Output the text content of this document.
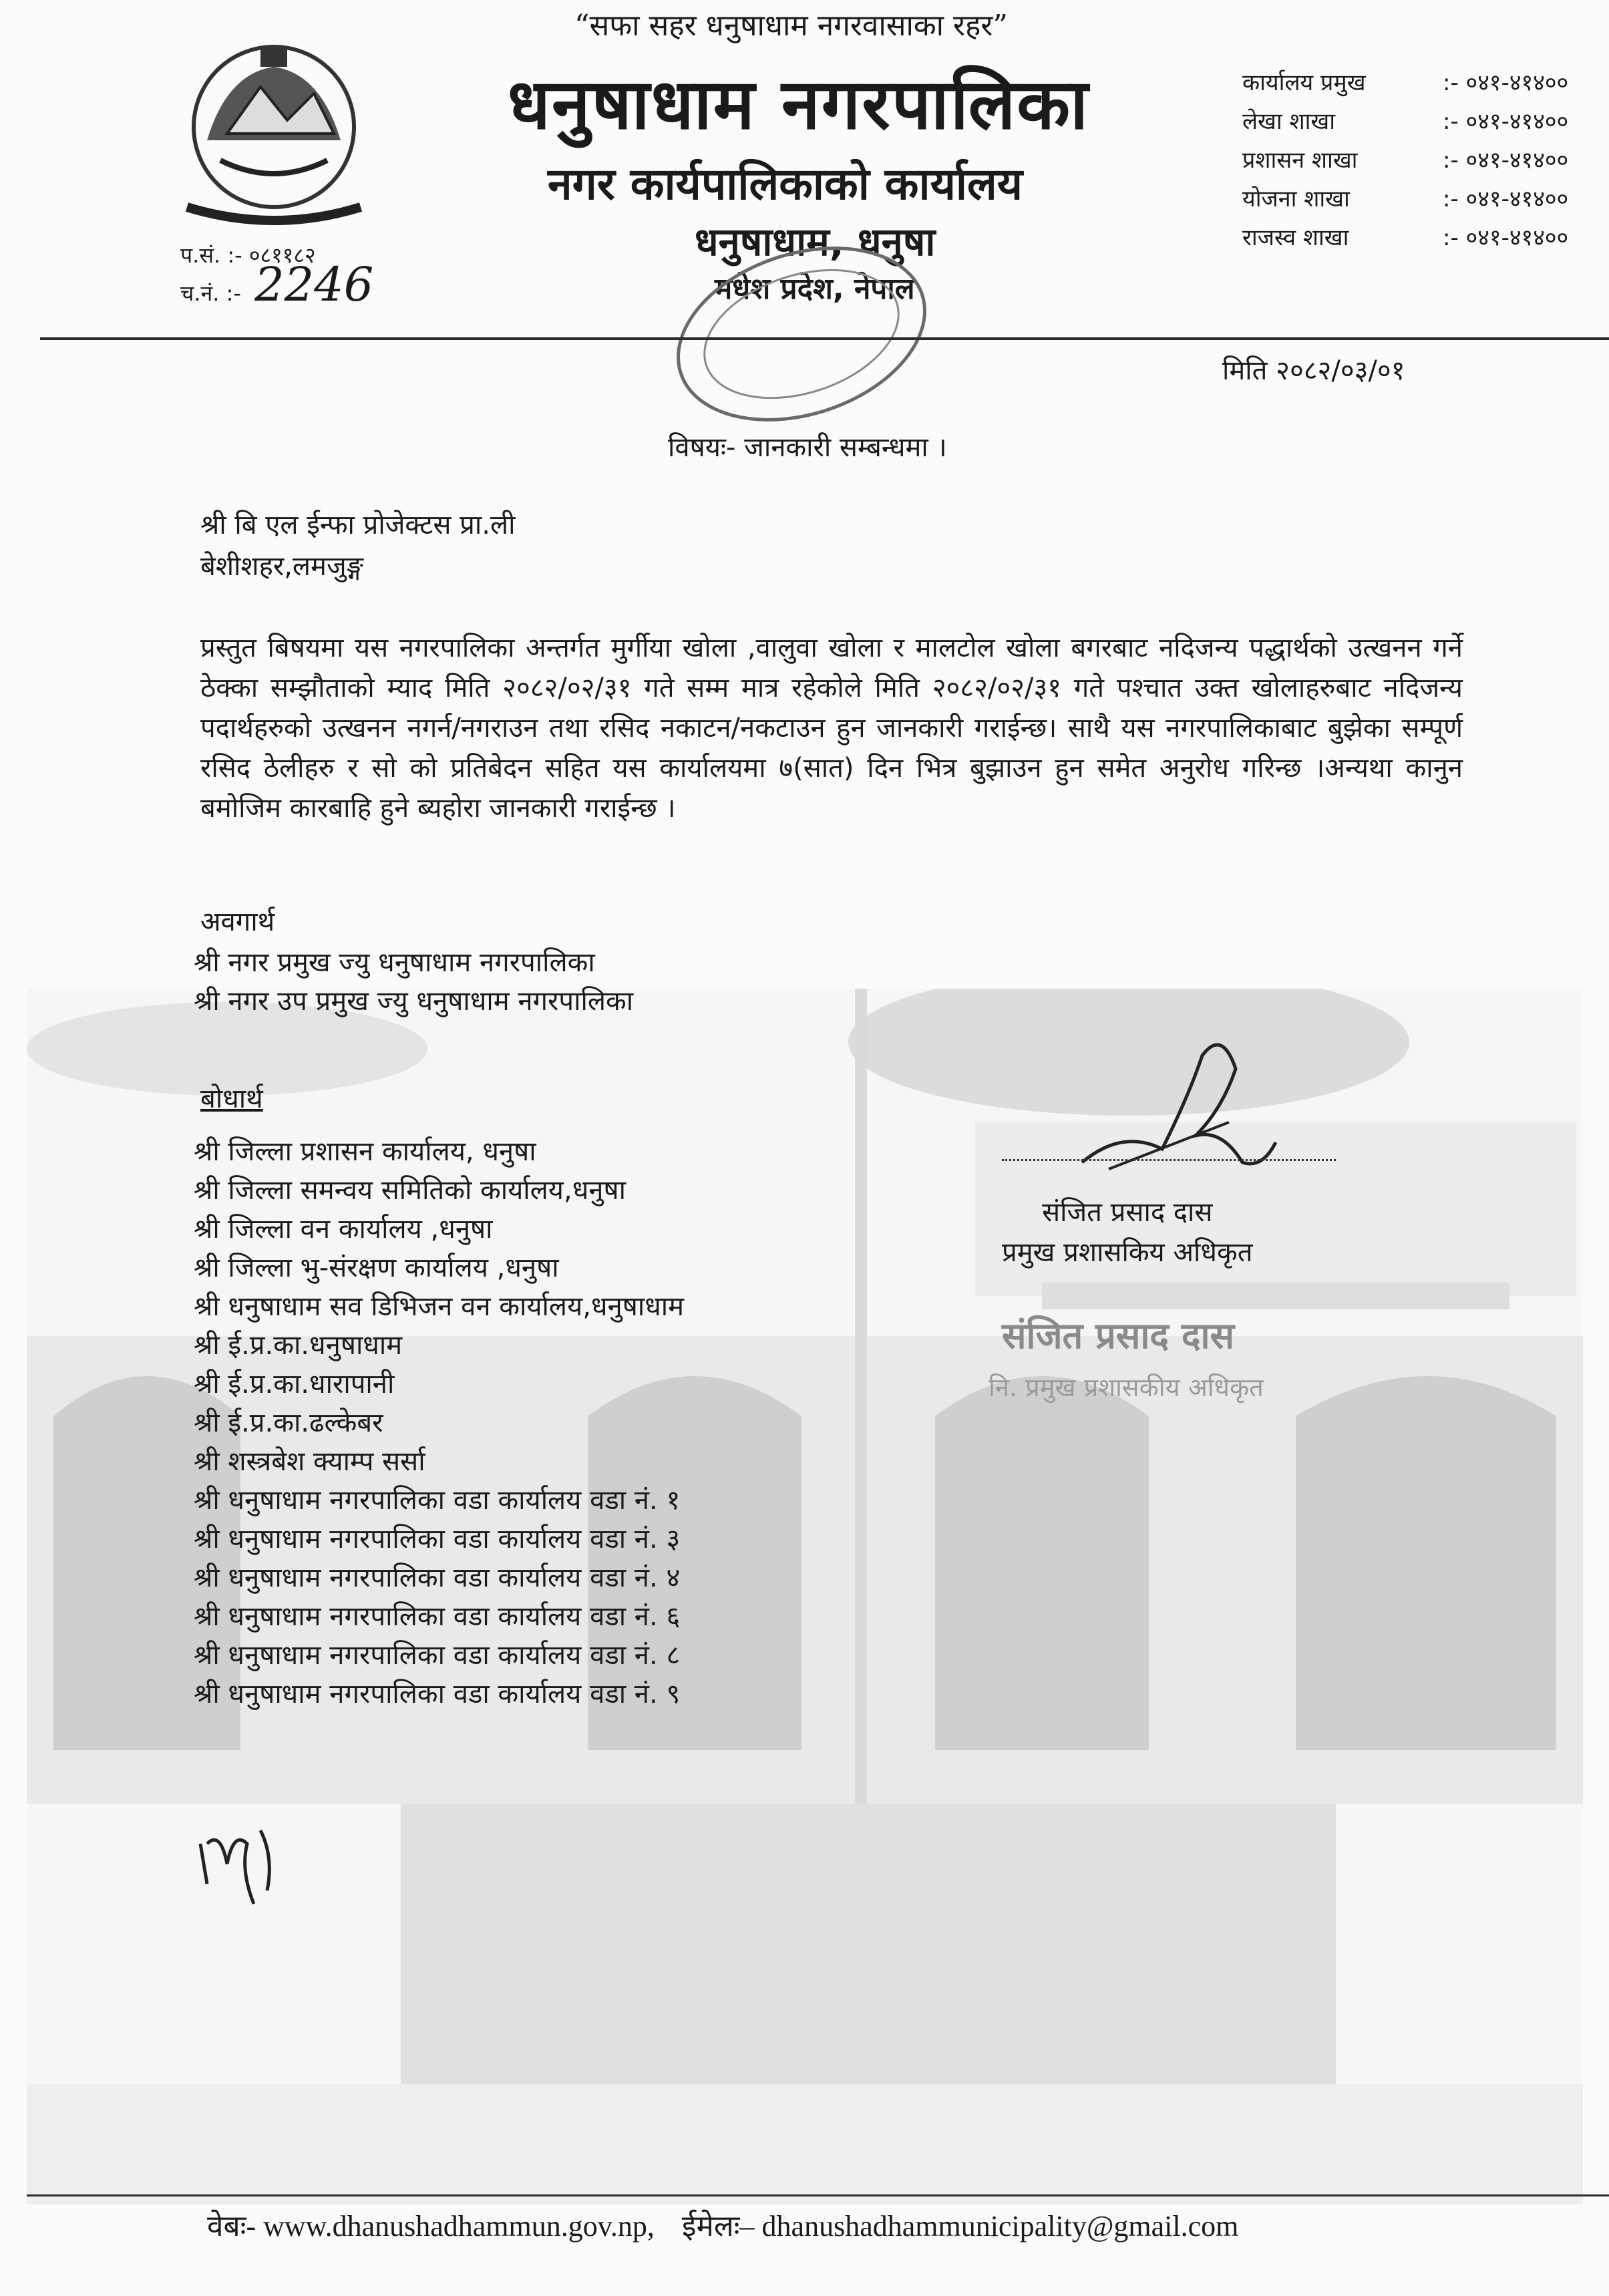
“सफा सहर धनुषाधाम नगरवासाका रहर”
धनुषाधाम नगरपालिका
नगर कार्यपालिकाको कार्यालय
धनुषाधाम, धनुषा
मधेश प्रदेश, नेपाल
कार्यालय प्रमुख	:- ०४१-४१४००
लेखा शाखा	:- ०४१-४१४००
प्रशासन शाखा	:- ०४१-४१४००
योजना शाखा	:- ०४१-४१४००
राजस्व शाखा	:- ०४१-४१४००
प.सं. :- ०८११८२
च.नं. :- 2246
मिति २०८२/०३/०१
विषयः- जानकारी सम्बन्धमा ।
श्री बि एल ईन्फा प्रोजेक्टस प्रा.ली
बेशीशहर,लमजुङ्ग
प्रस्तुत बिषयमा यस नगरपालिका अन्तर्गत मुर्गीया खोला ,वालुवा खोला र मालटोल खोला बगरबाट नदिजन्य पद्धार्थको उत्खनन गर्ने ठेक्का सम्झौताको म्याद मिति २०८२/०२/३१ गते सम्म मात्र रहेकोले मिति २०८२/०२/३१ गते पश्चात उक्त खोलाहरुबाट नदिजन्य पदार्थहरुको उत्खनन नगर्न/नगराउन तथा रसिद नकाटन/नकटाउन हुन जानकारी गराईन्छ। साथै यस नगरपालिकाबाट बुझेका सम्पूर्ण रसिद ठेलीहरु र सो को प्रतिबेदन सहित यस कार्यालयमा ७(सात) दिन भित्र बुझाउन हुन समेत अनुरोध गरिन्छ ।अन्यथा कानुन बमोजिम कारबाहि हुने ब्यहोरा जानकारी गराईन्छ ।
अवगार्थ
श्री नगर प्रमुख ज्यु धनुषाधाम नगरपालिका
श्री नगर उप प्रमुख ज्यु धनुषाधाम नगरपालिका
बोधार्थ
श्री जिल्ला प्रशासन कार्यालय, धनुषा
श्री जिल्ला समन्वय समितिको कार्यालय,धनुषा
श्री जिल्ला वन कार्यालय ,धनुषा
श्री जिल्ला भु-संरक्षण कार्यालय ,धनुषा
श्री धनुषाधाम सव डिभिजन वन कार्यालय,धनुषाधाम
श्री ई.प्र.का.धनुषाधाम
श्री ई.प्र.का.धारापानी
श्री ई.प्र.का.ढल्केबर
श्री शस्त्रबेश क्याम्प सर्सा
श्री धनुषाधाम नगरपालिका वडा कार्यालय वडा नं. १
श्री धनुषाधाम नगरपालिका वडा कार्यालय वडा नं. ३
श्री धनुषाधाम नगरपालिका वडा कार्यालय वडा नं. ४
श्री धनुषाधाम नगरपालिका वडा कार्यालय वडा नं. ६
श्री धनुषाधाम नगरपालिका वडा कार्यालय वडा नं. ८
श्री धनुषाधाम नगरपालिका वडा कार्यालय वडा नं. ९
संजित प्रसाद दास
प्रमुख प्रशासकिय अधिकृत
संजित प्रसाद दास
नि. प्रमुख प्रशासकीय अधिकृत
वेबः- www.dhanushadhammun.gov.np, ईमेलः– dhanushadhammunicipality@gmail.com
